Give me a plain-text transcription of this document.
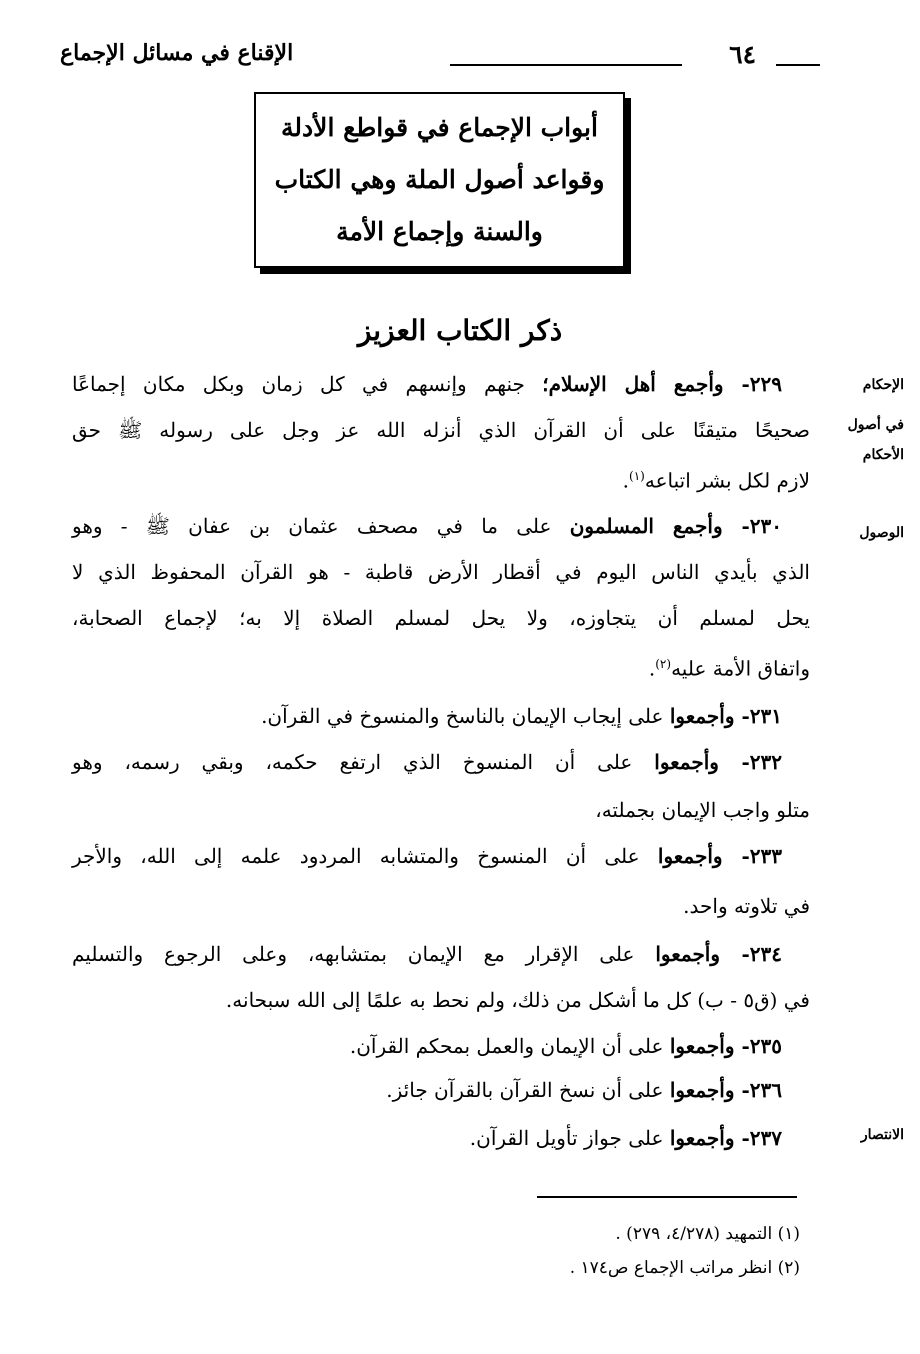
٦٤
الإقناع في مسائل الإجماع
أبواب الإجماع في قواطع الأدلة
وقواعد أصول الملة وهي الكتاب
والسنة وإجماع الأمة
ذكر الكتاب العزيز
الإحكام
في أصول
الأحكام
الوصول
الانتصار
٢٢٩- وأجمع أهل الإسلام؛ جنهم وإنسهم في كل زمان وبكل مكان إجماعًا
صحيحًا متيقنًا على أن القرآن الذي أنزله الله عز وجل على رسوله ﷺ حق
لازم لكل بشر اتباعه$^{(١)}$.
٢٣٠- وأجمع المسلمون على ما في مصحف عثمان بن عفان ﷺ - وهو
الذي بأيدي الناس اليوم في أقطار الأرض قاطبة - هو القرآن المحفوظ الذي لا
يحل لمسلم أن يتجاوزه، ولا يحل لمسلم الصلاة إلا به؛ لإجماع الصحابة،
واتفاق الأمة عليه$^{(٢)}$.
٢٣١- وأجمعوا على إيجاب الإيمان بالناسخ والمنسوخ في القرآن.
٢٣٢- وأجمعوا على أن المنسوخ الذي ارتفع حكمه، وبقي رسمه، وهو
متلو واجب الإيمان بجملته،
٢٣٣- وأجمعوا على أن المنسوخ والمتشابه المردود علمه إلى الله، والأجر
في تلاوته واحد.
٢٣٤- وأجمعوا على الإقرار مع الإيمان بمتشابهه، وعلى الرجوع والتسليم
في (ق٥ - ب) كل ما أشكل من ذلك، ولم نحط به علمًا إلى الله سبحانه.
٢٣٥- وأجمعوا على أن الإيمان والعمل بمحكم القرآن.
٢٣٦- وأجمعوا على أن نسخ القرآن بالقرآن جائز.
٢٣٧- وأجمعوا على جواز تأويل القرآن.
(١) التمهيد (٤/٢٧٨، ٢٧٩) .
(٢) انظر مراتب الإجماع ص١٧٤ .
